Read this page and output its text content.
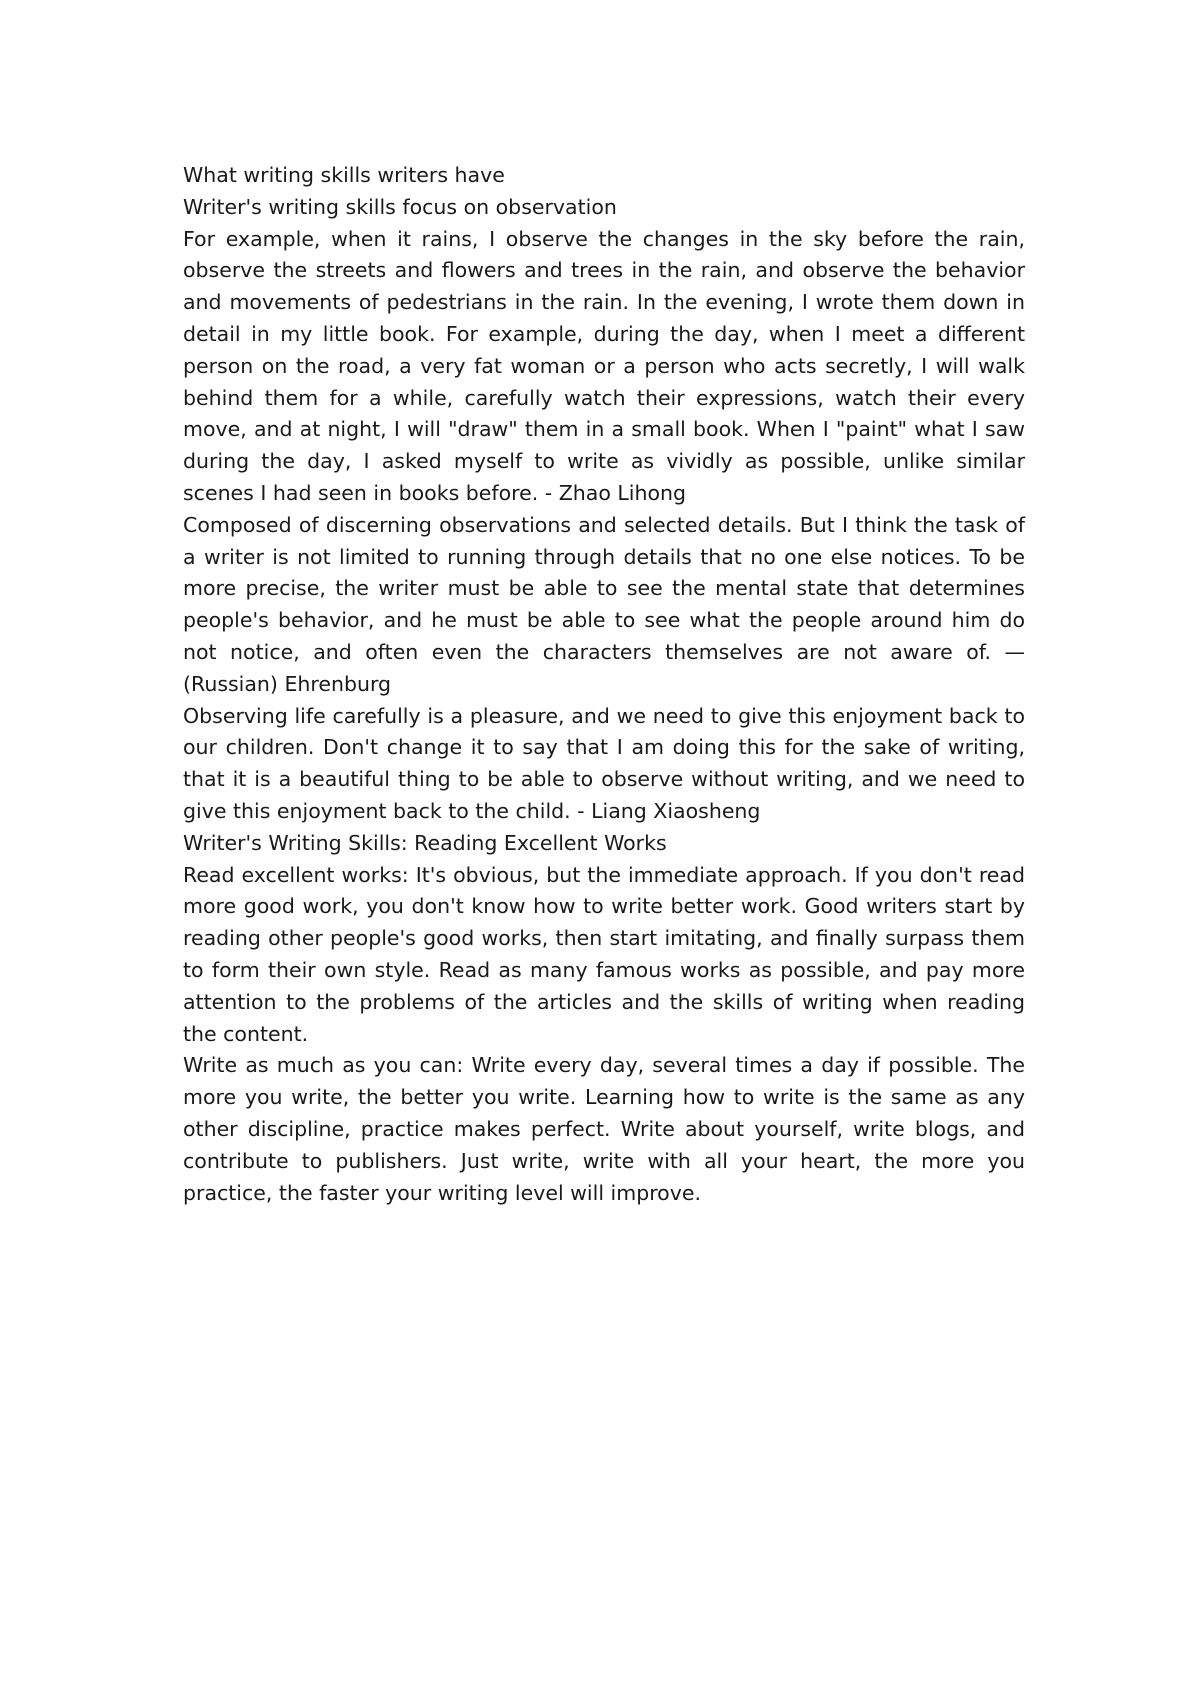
What writing skills writers have

Writer's writing skills focus on observation

For example, when it rains, I observe the changes in the sky before the rain, observe the streets and flowers and trees in the rain, and observe the behavior and movements of pedestrians in the rain. In the evening, I wrote them down in detail in my little book. For example, during the day, when I meet a different person on the road, a very fat woman or a person who acts secretly, I will walk behind them for a while, carefully watch their expressions, watch their every move, and at night, I will "draw" them in a small book. When I "paint" what I saw during the day, I asked myself to write as vividly as possible, unlike similar scenes I had seen in books before. - Zhao Lihong

Composed of discerning observations and selected details. But I think the task of a writer is not limited to running through details that no one else notices. To be more precise, the writer must be able to see the mental state that determines people's behavior, and he must be able to see what the people around him do not notice, and often even the characters themselves are not aware of. — (Russian) Ehrenburg

Observing life carefully is a pleasure, and we need to give this enjoyment back to our children. Don't change it to say that I am doing this for the sake of writing, that it is a beautiful thing to be able to observe without writing, and we need to give this enjoyment back to the child. - Liang Xiaosheng

Writer's Writing Skills: Reading Excellent Works

Read excellent works: It's obvious, but the immediate approach. If you don't read more good work, you don't know how to write better work. Good writers start by reading other people's good works, then start imitating, and finally surpass them to form their own style. Read as many famous works as possible, and pay more attention to the problems of the articles and the skills of writing when reading the content.

Write as much as you can: Write every day, several times a day if possible. The more you write, the better you write. Learning how to write is the same as any other discipline, practice makes perfect. Write about yourself, write blogs, and contribute to publishers. Just write, write with all your heart, the more you practice, the faster your writing level will improve.
